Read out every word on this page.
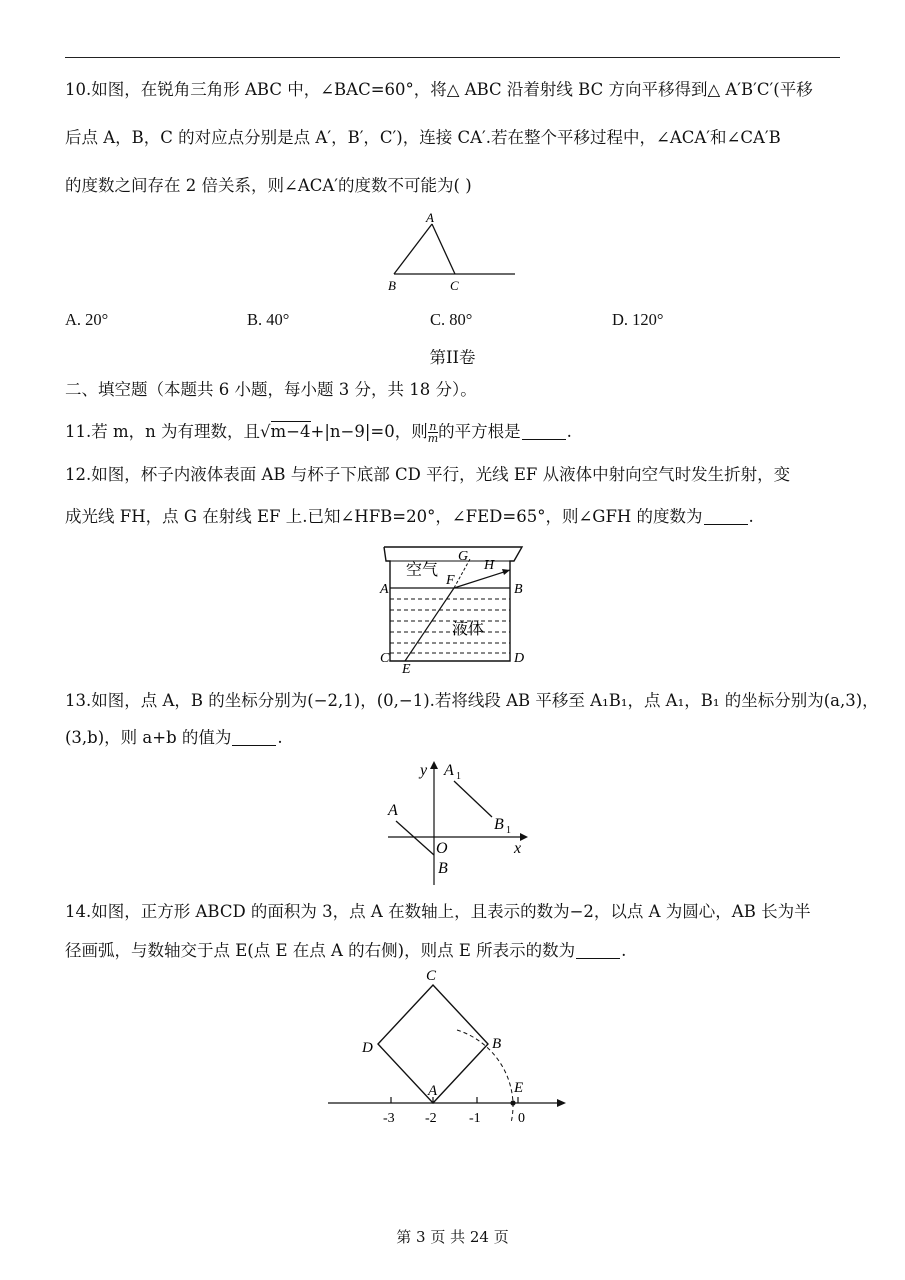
10.如图，在锐角三角形 ABC 中，∠BAC=60°，将△ ABC 沿着射线 BC 方向平移得到△ A′B′C′(平移
后点 A，B，C 的对应点分别是点 A′，B′，C′)，连接 CA′.若在整个平移过程中，∠ACA′和∠CA′B
的度数之间存在 2 倍关系，则∠ACA′的度数不可能为( )
A
B	C
A. 20°	B. 40°	C. 80°	D. 120°
第II卷
二、填空题（本题共 6 小题，每小题 3 分，共 18 分）。
11.若 m，n 为有理数，且√m−4+|n−9|=0，则 $\frac{n}{m}$ 的平方根是	.
12.如图，杯子内液体表面 AB 与杯子下底部 CD 平行，光线 EF 从液体中射向空气时发生折射，变
成光线 FH，点 G 在射线 EF 上.已知∠HFB=20°，∠FED=65°，则∠GFH 的度数为	.
空气
液体
A	B
C	D
E
F
G
H
13.如图，点 A，B 的坐标分别为(−2,1)，(0,−1).若将线段 AB 平移至 A₁B₁，点 A₁，B₁ 的坐标分别为(a,3)，
(3,b)，则 a+b 的值为	.
y
x
O
A
B
A 1
B 1
14.如图，正方形 ABCD 的面积为 3，点 A 在数轴上，且表示的数为−2，以点 A 为圆心，AB 长为半
径画弧，与数轴交于点 E(点 E 在点 A 的右侧)，则点 E 所表示的数为	.
C
D	B
A	E
-3 -2 -1	0
第 3 页 共 24 页
